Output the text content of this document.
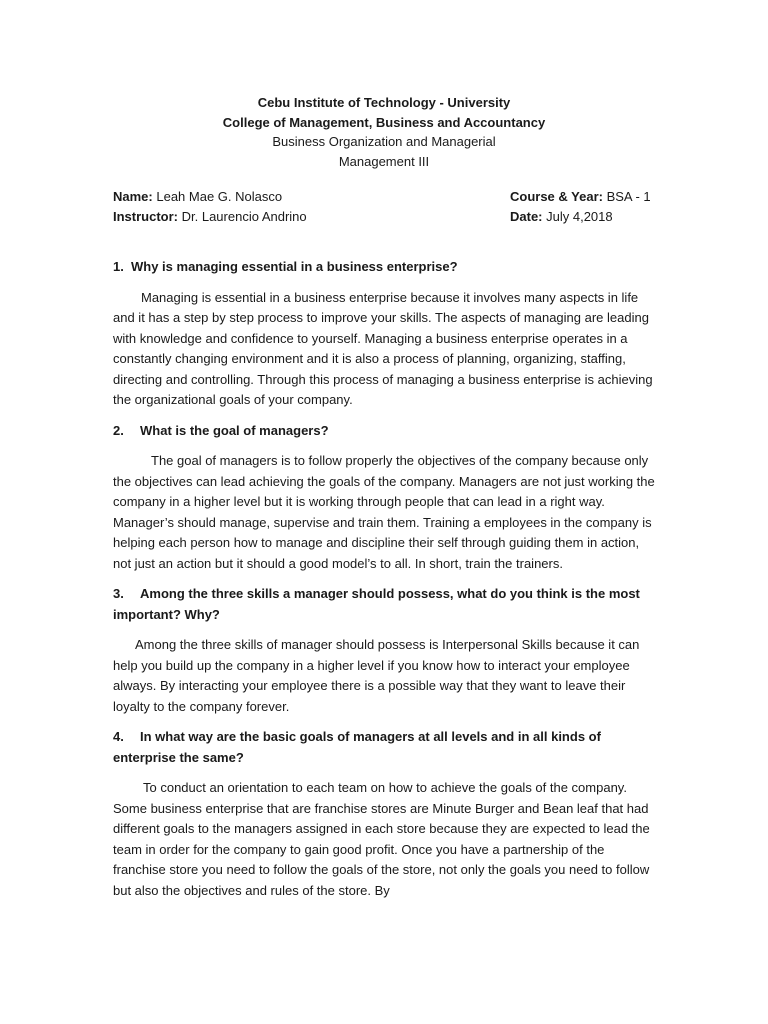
Cebu Institute of Technology - University
College of Management, Business and Accountancy
Business Organization and Managerial
Management III
Name: Leah Mae G. Nolasco	Course & Year: BSA - 1
Instructor: Dr. Laurencio Andrino	Date: July 4,2018

1. Why is managing essential in a business enterprise?

Managing is essential in a business enterprise because it involves many aspects in life and it has a step by step process to improve your skills. The aspects of managing are leading with knowledge and confidence to yourself. Managing a business enterprise operates in a constantly changing environment and it is also a process of planning, organizing, staffing, directing and controlling. Through this process of managing a business enterprise is achieving the organizational goals of your company.

2. What is the goal of managers?

The goal of managers is to follow properly the objectives of the company because only the objectives can lead achieving the goals of the company. Managers are not just working the company in a higher level but it is working through people that can lead in a right way. Manager’s should manage, supervise and train them. Training a employees in the company is helping each person how to manage and discipline their self through guiding them in action, not just an action but it should a good model’s to all. In short, train the trainers.

3. Among the three skills a manager should possess, what do you think is the most important? Why?

Among the three skills of manager should possess is Interpersonal Skills because it can help you build up the company in a higher level if you know how to interact your employee always. By interacting your employee there is a possible way that they want to leave their loyalty to the company forever.

4. In what way are the basic goals of managers at all levels and in all kinds of enterprise the same?

To conduct an orientation to each team on how to achieve the goals of the company. Some business enterprise that are franchise stores are Minute Burger and Bean leaf that had different goals to the managers assigned in each store because they are expected to lead the team in order for the company to gain good profit. Once you have a partnership of the franchise store you need to follow the goals of the store, not only the goals you need to follow but also the objectives and rules of the store. By
